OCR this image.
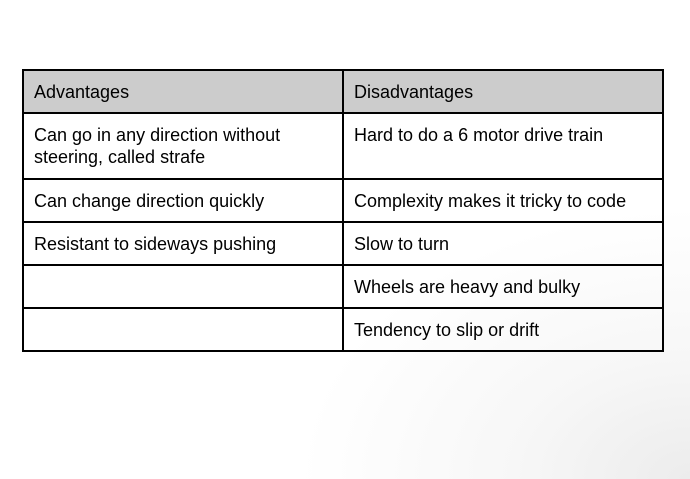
Advantages	Disadvantages
Can go in any direction without steering, called strafe	Hard to do a 6 motor drive train
Can change direction quickly	Complexity makes it tricky to code
Resistant to sideways pushing	Slow to turn
	Wheels are heavy and bulky
	Tendency to slip or drift
